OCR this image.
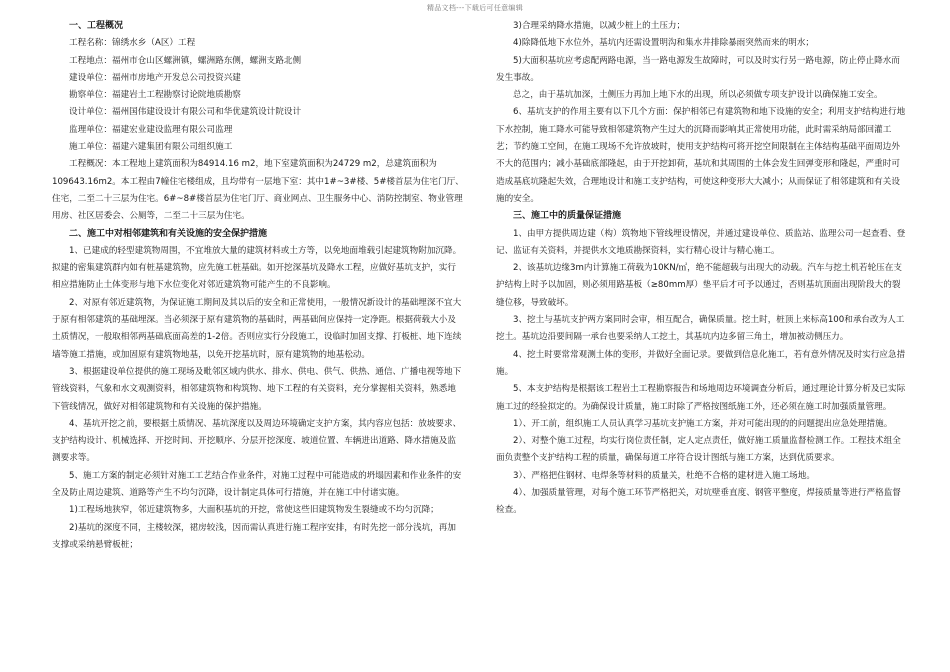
精品文档---下载后可任意编辑

一、工程概况

工程名称：锦绣水乡（A区）工程

工程地点：福州市仓山区螺洲镇，螺洲路东侧，螺洲支路北侧

建设单位：福州市房地产开发总公司投资兴建

勘察单位：福建岩土工程勘察讨论院地质勘察

设计单位：福州国伟建设设计有限公司和华优建筑设计院设计

监理单位：福建宏业建设监理有限公司监理

施工单位：福建六建集团有限公司组织施工

工程概况：本工程地上建筑面积为84914.16 m2，地下室建筑面积为24729 m2，总建筑面积为109643.16m2。本工程由7幢住宅楼组成，且均带有一层地下室：其中1#~3#楼、5#楼首层为住宅门厅、住宅，二至二十三层为住宅。6#~8#楼首层为住宅门厅、商业网点、卫生服务中心、消防控制室、物业管理用房、社区居委会、公厕等，二至二十三层为住宅。

二、施工中对相邻建筑和有关设施的安全保护措施

1、已建成的轻型建筑物周围，不宜堆放大量的建筑材料或土方等，以免地面堆载引起建筑物附加沉降。拟建的密集建筑群内如有桩基建筑物，应先施工桩基础。如开挖深基坑及降水工程，应做好基坑支护，实行相应措施防止土体变形与地下水位变化对邻近建筑物可能产生的不良影响。

2、对原有邻近建筑物，为保证施工期间及其以后的安全和正常使用，一般情况新设计的基础埋深不宜大于原有相邻建筑的基础埋深。当必须深于原有建筑物的基础时，两基础间应保持一定净距。根据荷载大小及土质情况，一般取相邻两基础底面高差的1-2倍。否则应实行分段施工，设临时加固支撑、打板桩、地下连续墙等施工措施，或加固原有建筑物地基，以免开挖基坑时，原有建筑物的地基松动。

3、根据建设单位提供的施工现场及毗邻区域内供水、排水、供电、供气、供热、通信、广播电视等地下管线资料，气象和水文观测资料，相邻建筑物和构筑物、地下工程的有关资料，充分掌握相关资料，熟悉地下管线情况，做好对相邻建筑物和有关设施的保护措施。

4、基坑开挖之前，要根据土质情况、基坑深度以及周边环境确定支护方案，其内容应包括：放坡要求、支护结构设计、机械选择、开挖时间、开挖顺序、分层开挖深度、坡道位置、车辆进出道路、降水措施及监测要求等。

5、施工方案的制定必须针对施工工艺结合作业条件，对施工过程中可能造成的坍塌因素和作业条件的安全及防止周边建筑、道路等产生不均匀沉降，设计制定具体可行措施，并在施工中付诸实施。

1)工程场地狭窄，邻近建筑物多，大面积基坑的开挖，常使这些旧建筑物发生裂缝或不均匀沉降；

2)基坑的深度不同，主楼较深，裙房较浅，因而需认真进行施工程序安排，有时先挖一部分浅坑，再加支撑或采纳悬臂板桩；

3)合理采纳降水措施，以减少桩上的土压力；

4)除降低地下水位外，基坑内还需设置明沟和集水井排除暴雨突然而来的明水；

5)大面积基坑应考虑配两路电源，当一路电源发生故障时，可以及时实行另一路电源，防止停止降水而发生事故。

总之，由于基坑加深，土侧压力再加上地下水的出现，所以必须做专项支护设计以确保施工安全。

6、基坑支护的作用主要有以下几个方面：保护相邻已有建筑物和地下设施的安全；利用支护结构进行地下水控制，施工降水可能导致相邻建筑物产生过大的沉降而影响其正常使用功能，此时需采纳局部回灌工艺；节约施工空间，在施工现场不允许放坡时，使用支护结构可将开挖空间限制在主体结构基础平面周边外不大的范围内；减小基础底部隆起，由于开挖卸荷，基坑和其周围的土体会发生回弹变形和隆起，严重时可造成基底坑隆起失效，合理地设计和施工支护结构，可使这种变形大大减小；从而保证了相邻建筑和有关设施的安全。

三、施工中的质量保证措施

1、由甲方提供周边建（构）筑物地下管线埋设情况，并通过建设单位、质监站、监理公司一起查看、登记、监证有关资料，并提供水文地质勘探资料，实行精心设计与精心施工。

2、该基坑边缘3m内计算施工荷载为10KN/㎡，绝不能超载与出现大的动载。汽车与挖土机若轮压在支护结构上时予以加固，则必须用路基板（≥80mm厚）垫平后才可予以通过，否则基坑顶面出现阶段大的裂缝位移，导致破坏。

3、挖土与基坑支护两方案同时会审，相互配合，确保质量。挖土时，桩顶上来标高100和承台改为人工挖土。基坑边沿要间隔一承台也要采纳人工挖土，其基坑内边多留三角土，增加被动侧压力。

4、挖土时要常常观测土体的变形，并做好全面记录。要做到信息化施工，若有意外情况及时实行应急措施。

5、本支护结构是根据该工程岩土工程勘察报告和场地周边环境调查分析后，通过理论计算分析及已实际施工过的经验拟定的。为确保设计质量，施工时除了严格按图纸施工外，还必须在施工时加强质量管理。

1）、开工前，组织施工人员认真学习基坑支护施工方案，并对可能出现的的问题提出应急处理措施。

2）、对整个施工过程，均实行岗位责任制，定人定点责任，做好施工质量监督检测工作。工程技术组全面负责整个支护结构工程的质量，确保每道工序符合设计图纸与施工方案，达到优质要求。

3）、严格把住钢材、电焊条等材料的质量关，杜绝不合格的建材进入施工场地。

4）、加强质量管理，对每个施工环节严格把关，对坑壁垂直度、钢管平整度，焊接质量等进行严格监督检查。
